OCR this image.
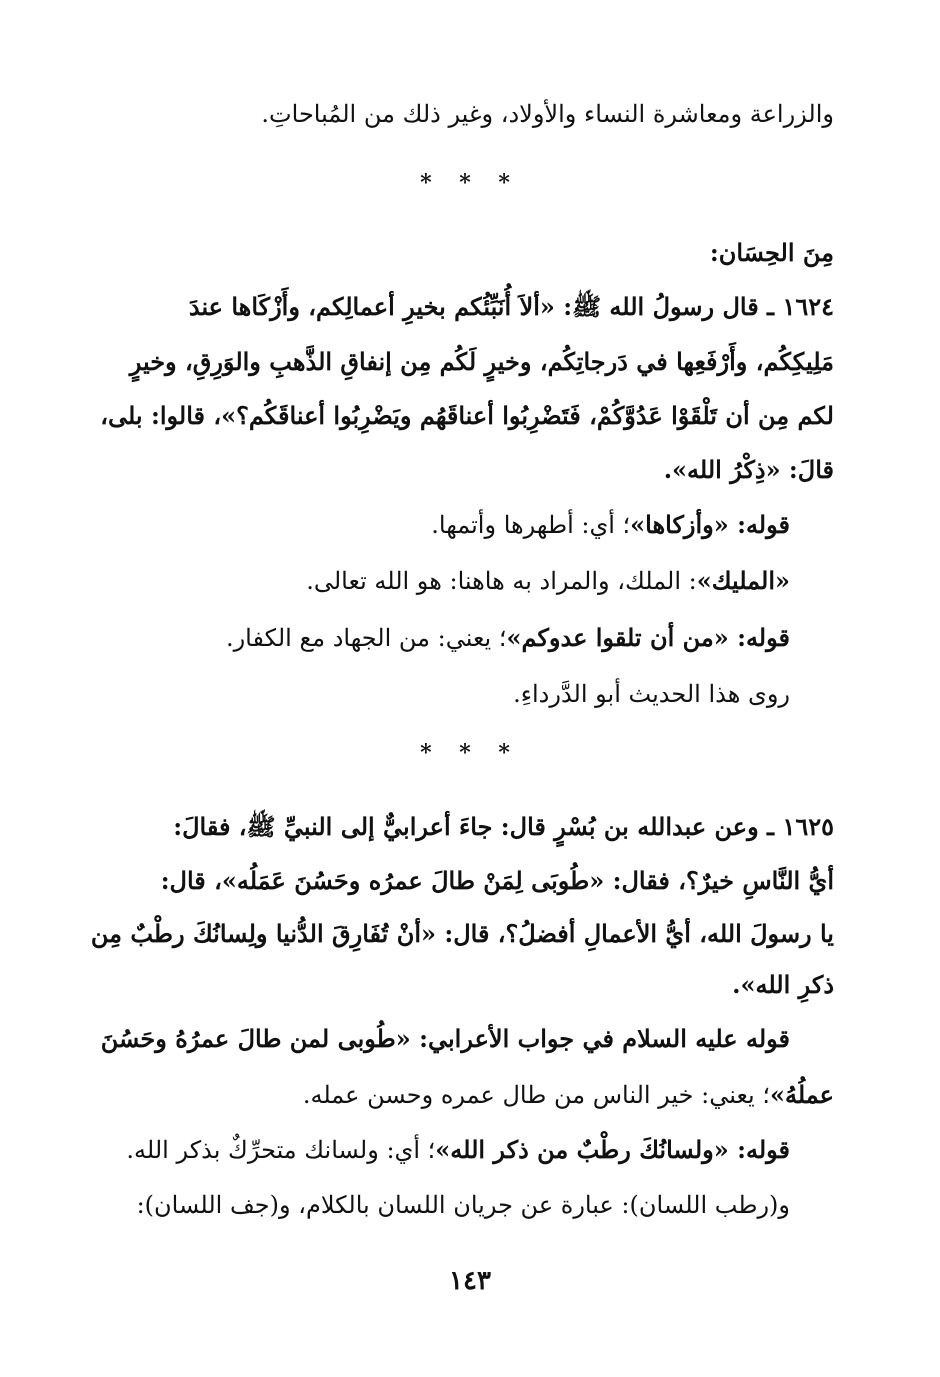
والزراعة ومعاشرة النساء والأولاد، وغير ذلك من المُباحاتِ.
* * *
مِنَ الحِسَان:
١٦٢٤ ـ قال رسولُ الله ﷺ: «ألاَ أُنَبِّئُكم بخيرِ أعمالِكم، وأَزْكَاها عندَ
مَلِيكِكُم، وأَرْفَعِها في دَرجاتِكُم، وخيرٍ لَكُم مِن إنفاقِ الذَّهبِ والوَرِقِ، وخيرٍ
لكم مِن أن تَلْقَوْا عَدُوَّكُمْ، فَتَضْرِبُوا أعناقَهُم ويَضْرِبُوا أعناقَكُم؟»، قالوا: بلى،
قالَ: «ذِكْرُ الله».
قوله: «وأزكاها»؛ أي: أطهرها وأتمها.
«المليك»: الملك، والمراد به هاهنا: هو الله تعالى.
قوله: «من أن تلقوا عدوكم»؛ يعني: من الجهاد مع الكفار.
روى هذا الحديث أبو الدَّرداءِ.
* * *
١٦٢٥ ـ وعن عبدالله بن بُسْرٍ قال: جاءَ أعرابيٌّ إلى النبيِّ ﷺ، فقالَ:
أيُّ النَّاسِ خيرٌ؟، فقال: «طُوبَى لِمَنْ طالَ عمرُه وحَسُنَ عَمَلُه»، قال:
يا رسولَ الله، أيُّ الأعمالِ أفضلُ؟، قال: «أنْ تُفَارِقَ الدُّنيا ولِسانُكَ رطْبٌ مِن
ذكرِ الله».
قوله عليه السلام في جواب الأعرابي: «طُوبى لمن طالَ عمرُهُ وحَسُنَ
عملُهُ»؛ يعني: خير الناس من طال عمره وحسن عمله.
قوله: «ولسانُكَ رطْبٌ من ذكر الله»؛ أي: ولسانك متحرِّكٌ بذكر الله.
و(رطب اللسان): عبارة عن جريان اللسان بالكلام، و(جف اللسان):
١٤٣
